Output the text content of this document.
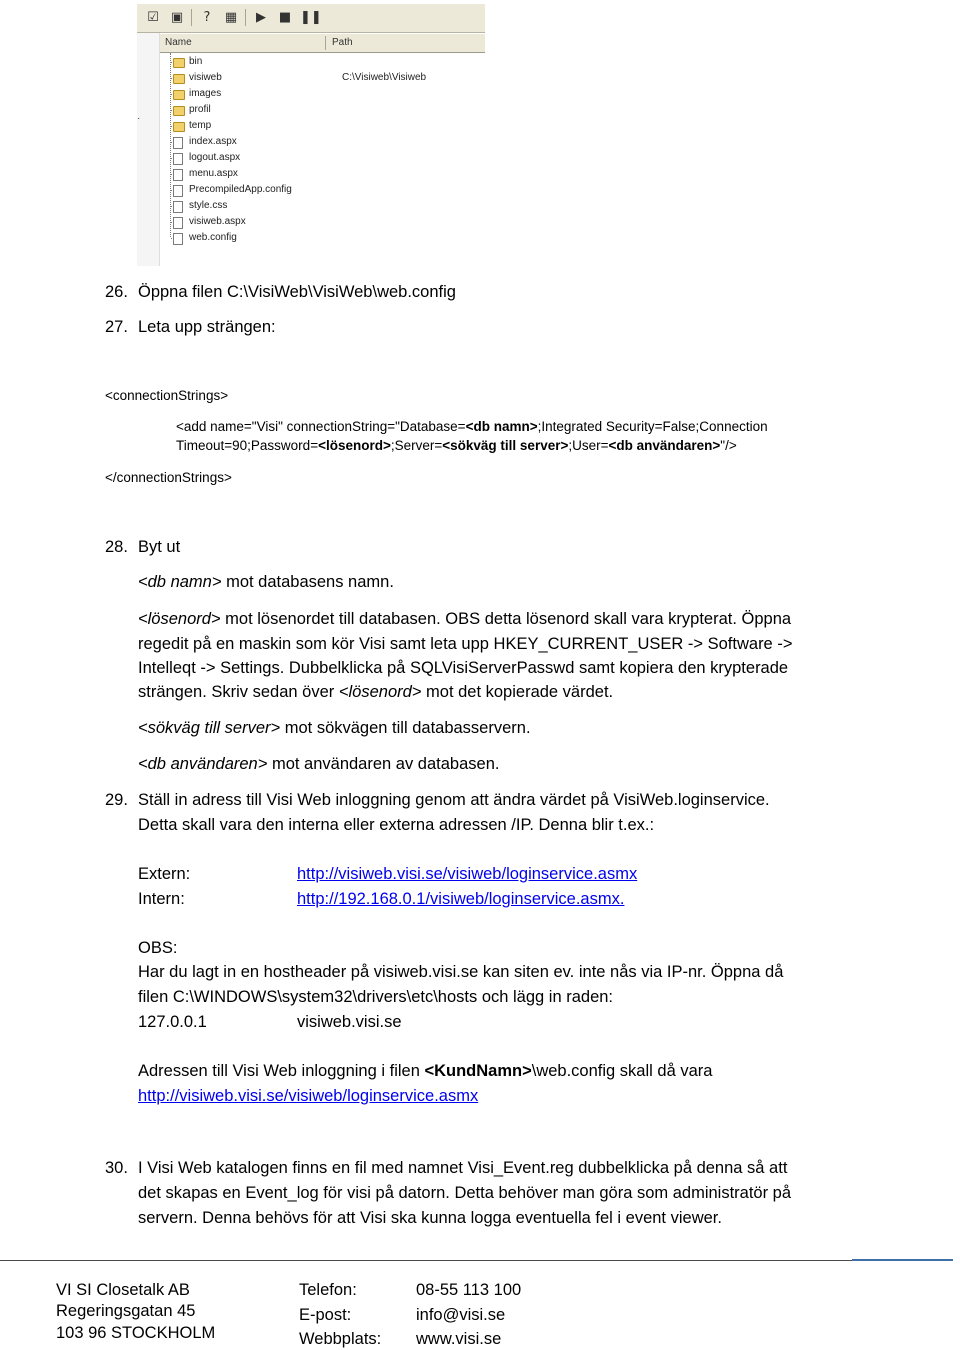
☑ ▣	?	▦	▶ ■ ❚❚
·
Name	Path
bin
visiweb	C:\Visiweb\Visiweb
images
profil
temp
index.aspx
logout.aspx
menu.aspx
PrecompiledApp.config
style.css
visiweb.aspx
web.config
26. Öppna filen C:\VisiWeb\VisiWeb\web.config
27. Leta upp strängen:
<connectionStrings>
<add name="Visi" connectionString="Database=<db namn>;Integrated Security=False;Connection
Timeout=90;Password=<lösenord>;Server=<sökväg till server>;User=<db användaren>"/>
</connectionStrings>
28. Byt ut
<db namn> mot databasens namn.
<lösenord> mot lösenordet till databasen. OBS detta lösenord skall vara krypterat. Öppna
regedit på en maskin som kör Visi samt leta upp HKEY_CURRENT_USER -> Software ->
Intelleqt -> Settings. Dubbelklicka på SQLVisiServerPasswd samt kopiera den krypterade
strängen. Skriv sedan över <lösenord> mot det kopierade värdet.
<sökväg till server> mot sökvägen till databasservern.
<db användaren> mot användaren av databasen.
29. Ställ in adress till Visi Web inloggning genom att ändra värdet på VisiWeb.loginservice.
Detta skall vara den interna eller externa adressen /IP. Denna blir t.ex.:
Extern:	http://visiweb.visi.se/visiweb/loginservice.asmx
Intern:	http://192.168.0.1/visiweb/loginservice.asmx.
OBS:
Har du lagt in en hostheader på visiweb.visi.se kan siten ev. inte nås via IP-nr. Öppna då
filen C:\WINDOWS\system32\drivers\etc\hosts och lägg in raden:
127.0.0.1	visiweb.visi.se
Adressen till Visi Web inloggning i filen <KundNamn>\web.config skall då vara
http://visiweb.visi.se/visiweb/loginservice.asmx
30. I Visi Web katalogen finns en fil med namnet Visi_Event.reg dubbelklicka på denna så att
det skapas en Event_log för visi på datorn. Detta behöver man göra som administratör på
servern. Denna behövs för att Visi ska kunna logga eventuella fel i event viewer.
VI SI Closetalk AB
Regeringsgatan 45
103 96 STOCKHOLM
Telefon:	08-55 113 100
E-post:	info@visi.se
Webbplats: www.visi.se
